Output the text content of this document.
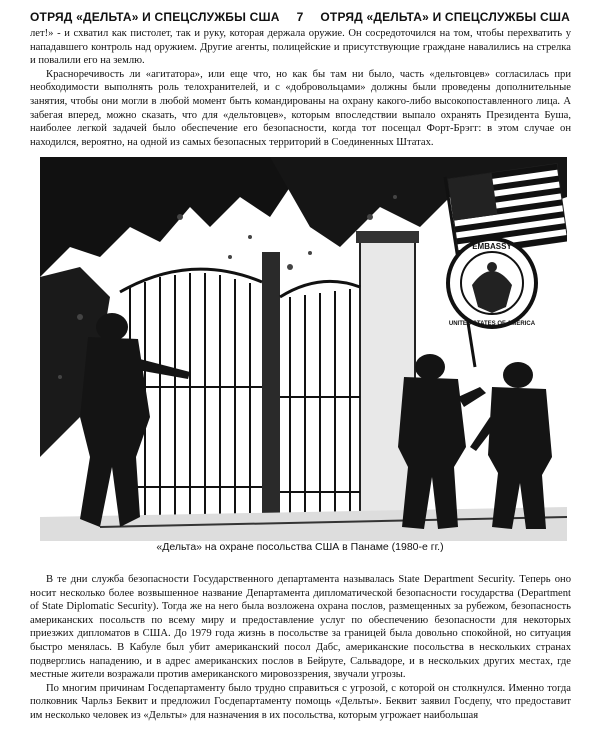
ОТРЯД «ДЕЛЬТА» И СПЕЦСЛУЖБЫ США 7 ОТРЯД «ДЕЛЬТА» И СПЕЦСЛУЖБЫ США

лет!» - и схватил как пистолет, так и руку, которая держала оружие. Он сосредоточился на том, чтобы перехватить у нападавшего контроль над оружием. Другие агенты, полицейские и присутствующие граждане навалились на стрелка и повалили его на землю.

Красноречивость ли «агитатора», или еще что, но как бы там ни было, часть «дельтовцев» согласилась при необходимости выполнять роль телохранителей, и с «добровольцами» должны были проведены дополнительные занятия, чтобы они могли в любой момент быть командированы на охрану какого-либо высокопоставленного лица. А забегая вперед, можно сказать, что для «дельтовцев», которым впоследствии выпало охранять Президента Буша, наиболее легкой задачей было обеспечение его безопасности, когда тот посещал Форт-Брэгг: в этом случае он находился, вероятно, на одной из самых безопасных территорий в Соединенных Штатах.

EMBASSY
UNITED STATES OF AMERICA
«Дельта» на охране посольства США в Панаме (1980-е гг.)

В те дни служба безопасности Государственного департамента называлась State Department Security. Теперь оно носит несколько более возвышенное название Департамента дипломатической безопасности государства (Department of State Diplomatic Security). Тогда же на него была возложена охрана послов, размещенных за рубежом, безопасность американских посольств по всему миру и предоставление услуг по обеспечению безопасности для некоторых приезжих дипломатов в США. До 1979 года жизнь в посольстве за границей была довольно спокойной, но ситуация быстро менялась. В Кабуле был убит американский посол Дабс, американские посольства в нескольких странах подверглись нападению, и в адрес американских послов в Бейруте, Сальвадоре, и в нескольких других местах, где местные жители возражали против американского мировоззрения, звучали угрозы.

По многим причинам Госдепартаменту было трудно справиться с угрозой, с которой он столкнулся. Именно тогда полковник Чарльз Беквит и предложил Госдепартаменту помощь «Дельты». Беквит заявил Госдепу, что предоставит им несколько человек из «Дельты» для назначения в их посольства, которым угрожает наибольшая
